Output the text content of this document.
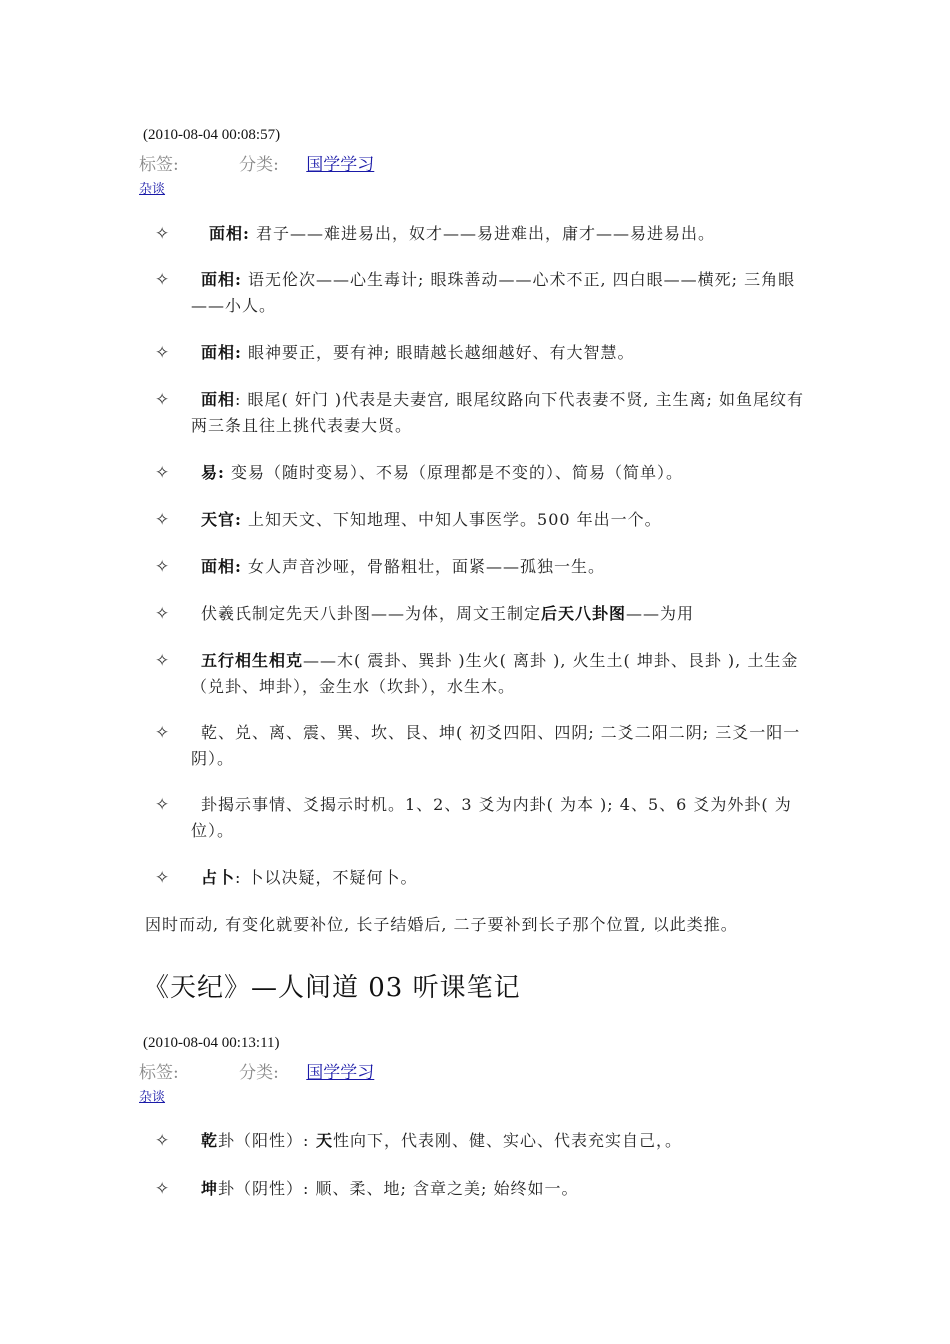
(2010-08-04 00:08:57)
标签:	分类: 国学学习
杂谈
✧	面相: 君子——难进易出，奴才——易进难出，庸才——易进易出。
✧	面相: 语无伦次——心生毒计; 眼珠善动——心术不正, 四白眼——横死; 三角眼——小人。
✧	面相: 眼神要正，要有神; 眼睛越长越细越好、有大智慧。
✧	面相: 眼尾( 奸门 )代表是夫妻宫, 眼尾纹路向下代表妻不贤, 主生离; 如鱼尾纹有两三条且往上挑代表妻大贤。
✧	易: 变易（随时变易）、不易（原理都是不变的）、简易（简单）。
✧	天官: 上知天文、下知地理、中知人事医学。500 年出一个。
✧	面相: 女人声音沙哑，骨骼粗壮，面紧——孤独一生。
✧	伏羲氏制定先天八卦图——为体，周文王制定后天八卦图——为用
✧	五行相生相克——木( 震卦、巽卦 )生火( 离卦 ), 火生土( 坤卦、艮卦 ), 土生金（兑卦、坤卦），金生水（坎卦），水生木。
✧	乾、兑、离、震、巽、坎、艮、坤( 初爻四阳、四阴; 二爻二阳二阴; 三爻一阳一阴）。
✧	卦揭示事情、爻揭示时机。1、2、3 爻为内卦( 为本 ); 4、5、6 爻为外卦( 为位）。
✧	占卜: 卜以决疑，不疑何卜。
因时而动, 有变化就要补位, 长子结婚后, 二子要补到长子那个位置, 以此类推。
《天纪》—人间道 03 听课笔记
(2010-08-04 00:13:11)
标签:	分类: 国学学习
杂谈
✧	乾卦（阳性）: 天性向下，代表刚、健、实心、代表充实自己，。
✧	坤卦（阴性）: 顺、柔、地; 含章之美; 始终如一。
